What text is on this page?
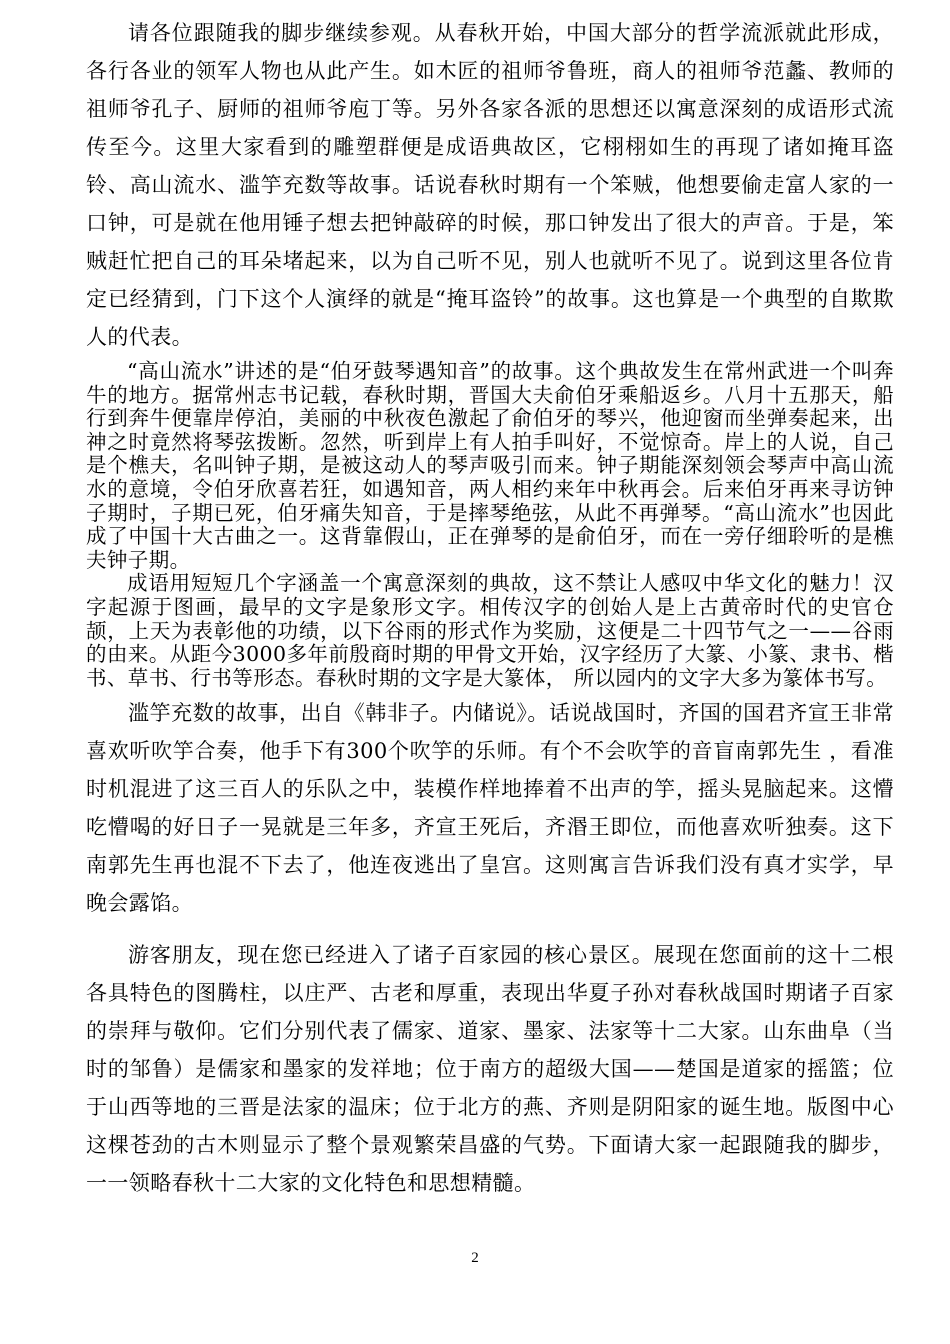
请各位跟随我的脚步继续参观。从春秋开始，中国大部分的哲学流派就此形成，各行各业的领军人物也从此产生。如木匠的祖师爷鲁班，商人的祖师爷范蠡、教师的祖师爷孔子、厨师的祖师爷庖丁等。另外各家各派的思想还以寓意深刻的成语形式流传至今。这里大家看到的雕塑群便是成语典故区，它栩栩如生的再现了诸如掩耳盗铃、高山流水、滥竽充数等故事。话说春秋时期有一个笨贼，他想要偷走富人家的一口钟，可是就在他用锤子想去把钟敲碎的时候，那口钟发出了很大的声音。于是，笨贼赶忙把自己的耳朵堵起来，以为自己听不见，别人也就听不见了。说到这里各位肯定已经猜到，门下这个人演绎的就是“掩耳盗铃”的故事。这也算是一个典型的自欺欺人的代表。

“高山流水”讲述的是“伯牙鼓琴遇知音”的故事。这个典故发生在常州武进一个叫奔牛的地方。据常州志书记载，春秋时期，晋国大夫俞伯牙乘船返乡。八月十五那天，船行到奔牛便靠岸停泊，美丽的中秋夜色激起了俞伯牙的琴兴，他迎窗而坐弹奏起来，出神之时竟然将琴弦拨断。忽然，听到岸上有人拍手叫好，不觉惊奇。岸上的人说，自己是个樵夫，名叫钟子期，是被这动人的琴声吸引而来。钟子期能深刻领会琴声中高山流水的意境，令伯牙欣喜若狂，如遇知音，两人相约来年中秋再会。后来伯牙再来寻访钟子期时，子期已死，伯牙痛失知音，于是摔琴绝弦，从此不再弹琴。“高山流水”也因此成了中国十大古曲之一。这背靠假山，正在弹琴的是俞伯牙，而在一旁仔细聆听的是樵夫钟子期。

成语用短短几个字涵盖一个寓意深刻的典故，这不禁让人感叹中华文化的魅力！汉字起源于图画，最早的文字是象形文字。相传汉字的创始人是上古黄帝时代的史官仓颉，上天为表彰他的功绩，以下谷雨的形式作为奖励，这便是二十四节气之一——谷雨的由来。从距今3000多年前殷商时期的甲骨文开始，汉字经历了大篆、小篆、隶书、楷书、草书、行书等形态。春秋时期的文字是大篆体， 所以园内的文字大多为篆体书写。

滥竽充数的故事，出自《韩非子。内储说》。话说战国时，齐国的国君齐宣王非常喜欢听吹竽合奏，他手下有300个吹竽的乐师。有个不会吹竽的音盲南郭先生 ，看准时机混进了这三百人的乐队之中，装模作样地捧着不出声的竽，摇头晃脑起来。这懵吃懵喝的好日子一晃就是三年多，齐宣王死后，齐湣王即位，而他喜欢听独奏。这下南郭先生再也混不下去了，他连夜逃出了皇宫。这则寓言告诉我们没有真才实学，早晚会露馅。

游客朋友，现在您已经进入了诸子百家园的核心景区。展现在您面前的这十二根各具特色的图腾柱，以庄严、古老和厚重，表现出华夏子孙对春秋战国时期诸子百家的崇拜与敬仰。它们分别代表了儒家、道家、墨家、法家等十二大家。山东曲阜（当时的邹鲁）是儒家和墨家的发祥地；位于南方的超级大国——楚国是道家的摇篮；位于山西等地的三晋是法家的温床；位于北方的燕、齐则是阴阳家的诞生地。版图中心这棵苍劲的古木则显示了整个景观繁荣昌盛的气势。下面请大家一起跟随我的脚步，一一领略春秋十二大家的文化特色和思想精髓。

2
